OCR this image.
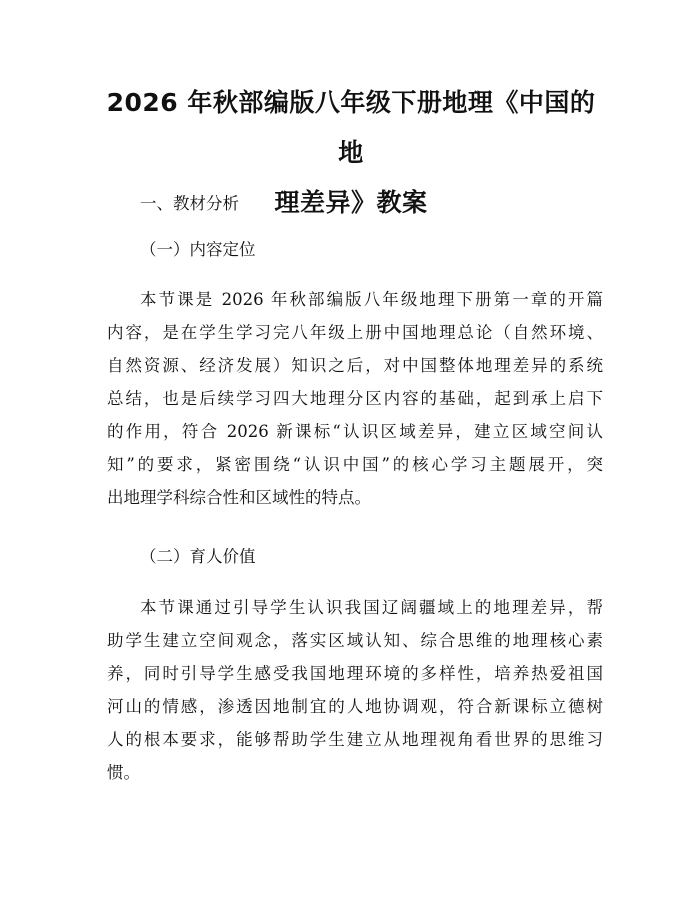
2026 年秋部编版八年级下册地理《中国的地
理差异》教案
一、教材分析
（一）内容定位
本节课是 2026 年秋部编版八年级地理下册第一章的开篇
内容，是在学生学习完八年级上册中国地理总论（自然环境、
自然资源、经济发展）知识之后，对中国整体地理差异的系统
总结，也是后续学习四大地理分区内容的基础，起到承上启下
的作用，符合 2026 新课标“认识区域差异，建立区域空间认
知”的要求，紧密围绕“认识中国”的核心学习主题展开，突
出地理学科综合性和区域性的特点。
（二）育人价值
本节课通过引导学生认识我国辽阔疆域上的地理差异，帮
助学生建立空间观念，落实区域认知、综合思维的地理核心素
养，同时引导学生感受我国地理环境的多样性，培养热爱祖国
河山的情感，渗透因地制宜的人地协调观，符合新课标立德树
人的根本要求，能够帮助学生建立从地理视角看世界的思维习
惯。
